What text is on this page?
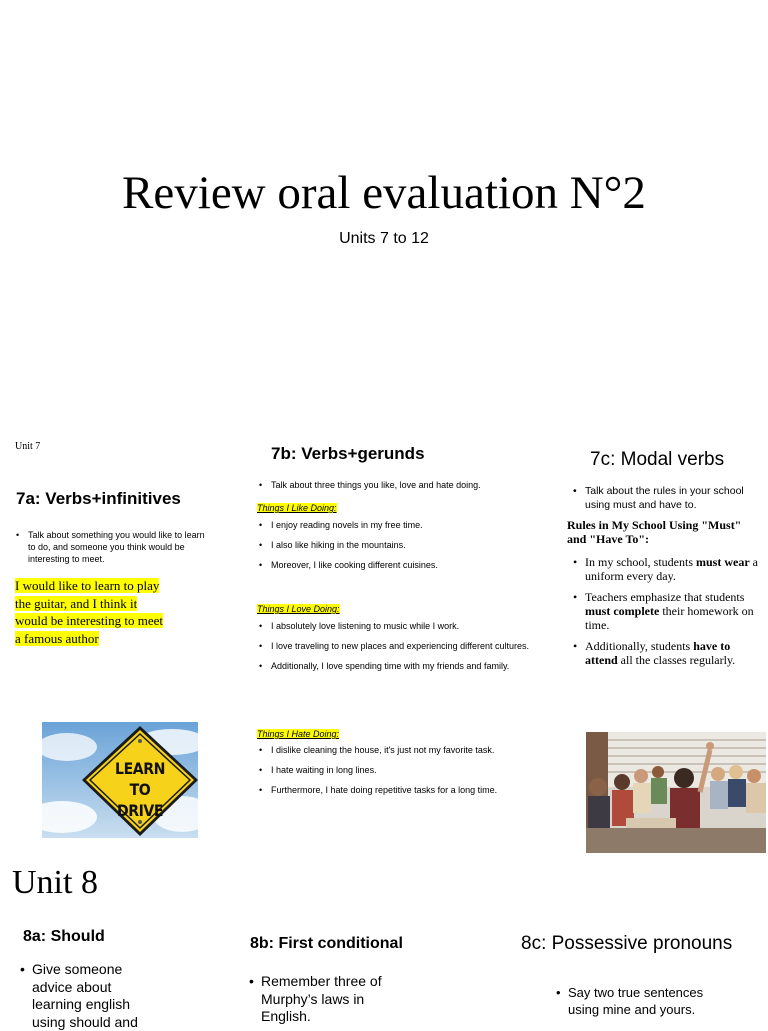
Review oral evaluation N°2
Units 7 to 12
Unit 7
7a: Verbs+infinitives
• Talk about something you would like to learn to do, and someone you think would be interesting to meet.
I would like to learn to play
the guitar, and I think it
would be interesting to meet
a famous author
LEARN
TO DRIVE
7b: Verbs+gerunds
• Talk about three things you like, love and hate doing.
Things I Like Doing:
• I enjoy reading novels in my free time.
• I also like hiking in the mountains.
• Moreover, I like cooking different cuisines.
Things I Love Doing:
• I absolutely love listening to music while I work.
• I love traveling to new places and experiencing different cultures.
• Additionally, I love spending time with my friends and family.
Things I Hate Doing:
• I dislike cleaning the house, it's just not my favorite task.
• I hate waiting in long lines.
• Furthermore, I hate doing repetitive tasks for a long time.
7c: Modal verbs
• Talk about the rules in your school using must and have to.
Rules in My School Using "Must" and "Have To":
• In my school, students must wear a uniform every day.
• Teachers emphasize that students must complete their homework on time.
• Additionally, students have to attend all the classes regularly.
Unit 8
8a: Should
• Give someone advice about learning english using should and
8b: First conditional
• Remember three of Murphy’s laws in English.
8c: Possessive pronouns
• Say two true sentences using mine and yours.
